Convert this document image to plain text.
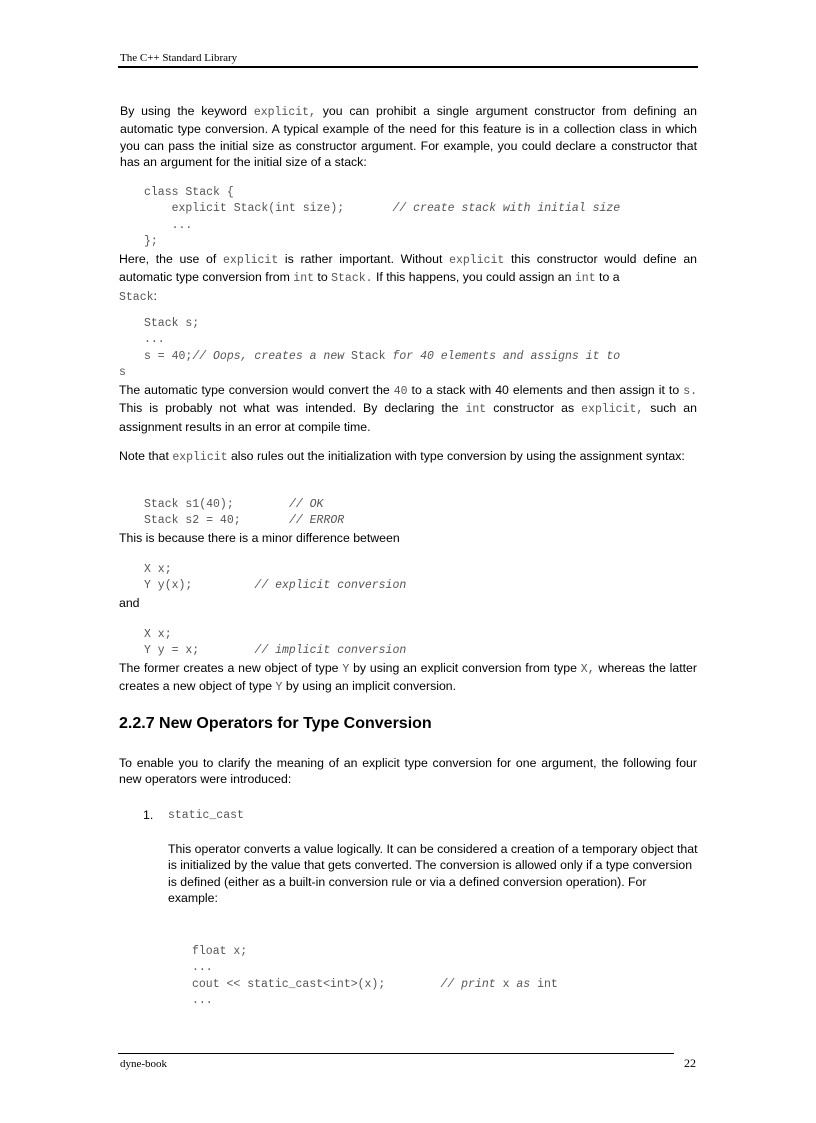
The C++ Standard Library
By using the keyword explicit, you can prohibit a single argument constructor from defining an automatic type conversion. A typical example of the need for this feature is in a collection class in which you can pass the initial size as constructor argument. For example, you could declare a constructor that has an argument for the initial size of a stack:
class Stack {
explicit Stack(int size);       // create stack with initial size
...
};
Here, the use of explicit is rather important. Without explicit this constructor would define an automatic type conversion from int to Stack. If this happens, you could assign an int to a
Stack:
Stack s;
...
s = 40;// Oops, creates a new Stack for 40 elements and assigns it to
s
The automatic type conversion would convert the 40 to a stack with 40 elements and then assign it to s. This is probably not what was intended. By declaring the int constructor as explicit, such an assignment results in an error at compile time.
Note that explicit also rules out the initialization with type conversion by using the assignment syntax:
Stack s1(40);        // OK
Stack s2 = 40;       // ERROR
This is because there is a minor difference between
X x;
Y y(x);         // explicit conversion
and
X x;
Y y = x;        // implicit conversion
The former creates a new object of type Y by using an explicit conversion from type X, whereas the latter creates a new object of type Y by using an implicit conversion.
2.2.7 New Operators for Type Conversion
To enable you to clarify the meaning of an explicit type conversion for one argument, the following four new operators were introduced:
1. static_cast
This operator converts a value logically. It can be considered a creation of a temporary object that is initialized by the value that gets converted. The conversion is allowed only if a type conversion is defined (either as a built-in conversion rule or via a defined conversion operation). For example:
float x;
...
cout << static_cast<int>(x);        // print x as int
...
dyne-book	22
